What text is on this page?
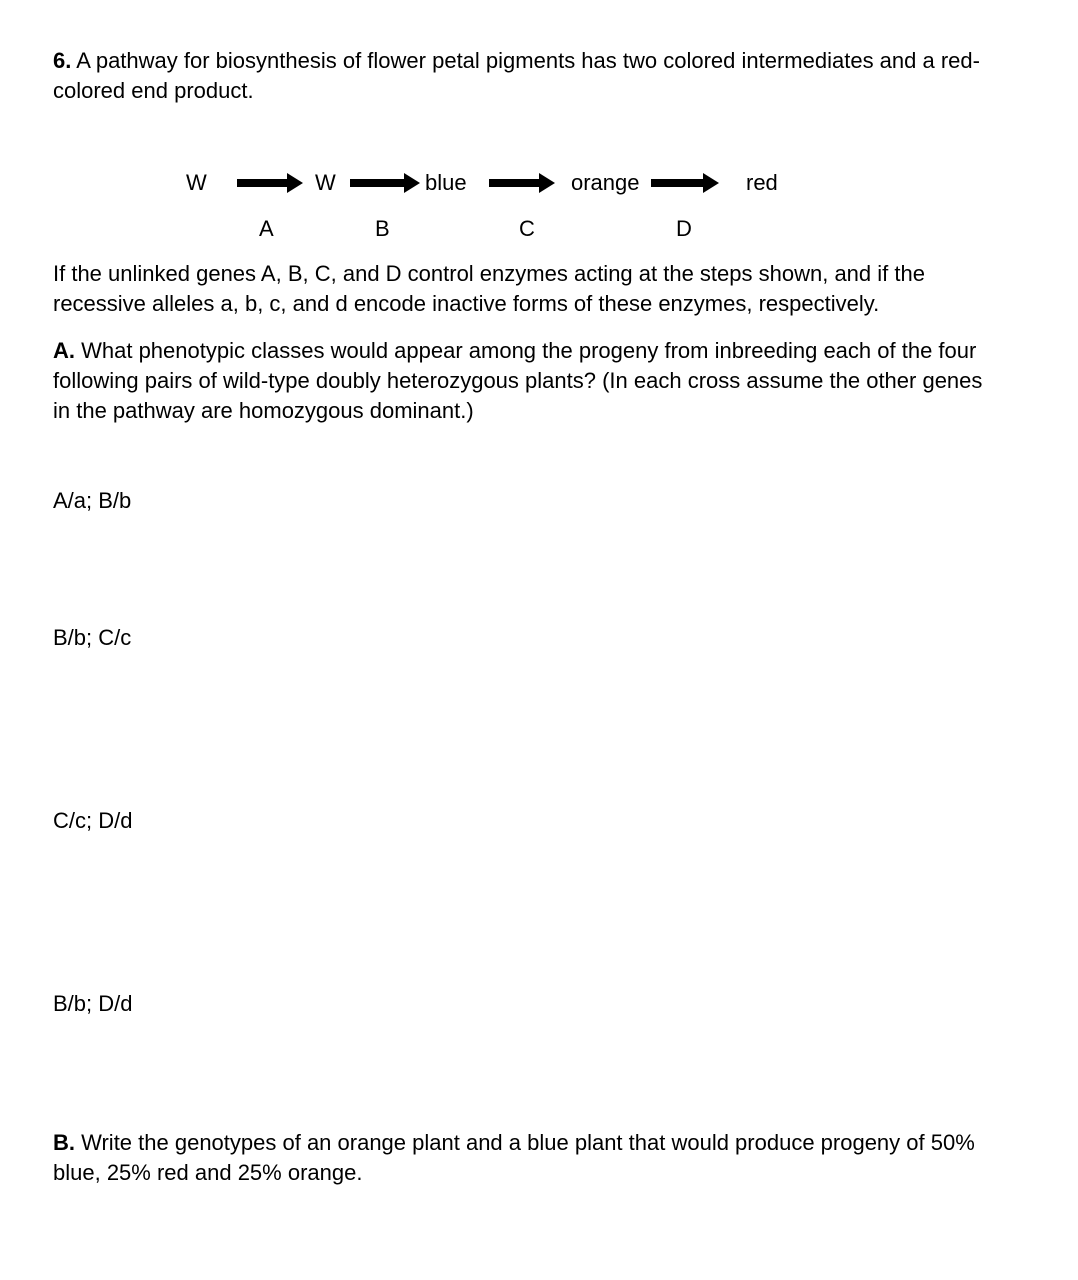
6. A pathway for biosynthesis of flower petal pigments has two colored intermediates and a red-colored end product.

W	W	blue	orange	red
A	B	C	D

If the unlinked genes A, B, C, and D control enzymes acting at the steps shown, and if the recessive alleles a, b, c, and d encode inactive forms of these enzymes, respectively.

A. What phenotypic classes would appear among the progeny from inbreeding each of the four following pairs of wild-type doubly heterozygous plants? (In each cross assume the other genes in the pathway are homozygous dominant.)

A/a; B/b
B/b; C/c
C/c; D/d
B/b; D/d

B. Write the genotypes of an orange plant and a blue plant that would produce progeny of 50% blue, 25% red and 25% orange.
